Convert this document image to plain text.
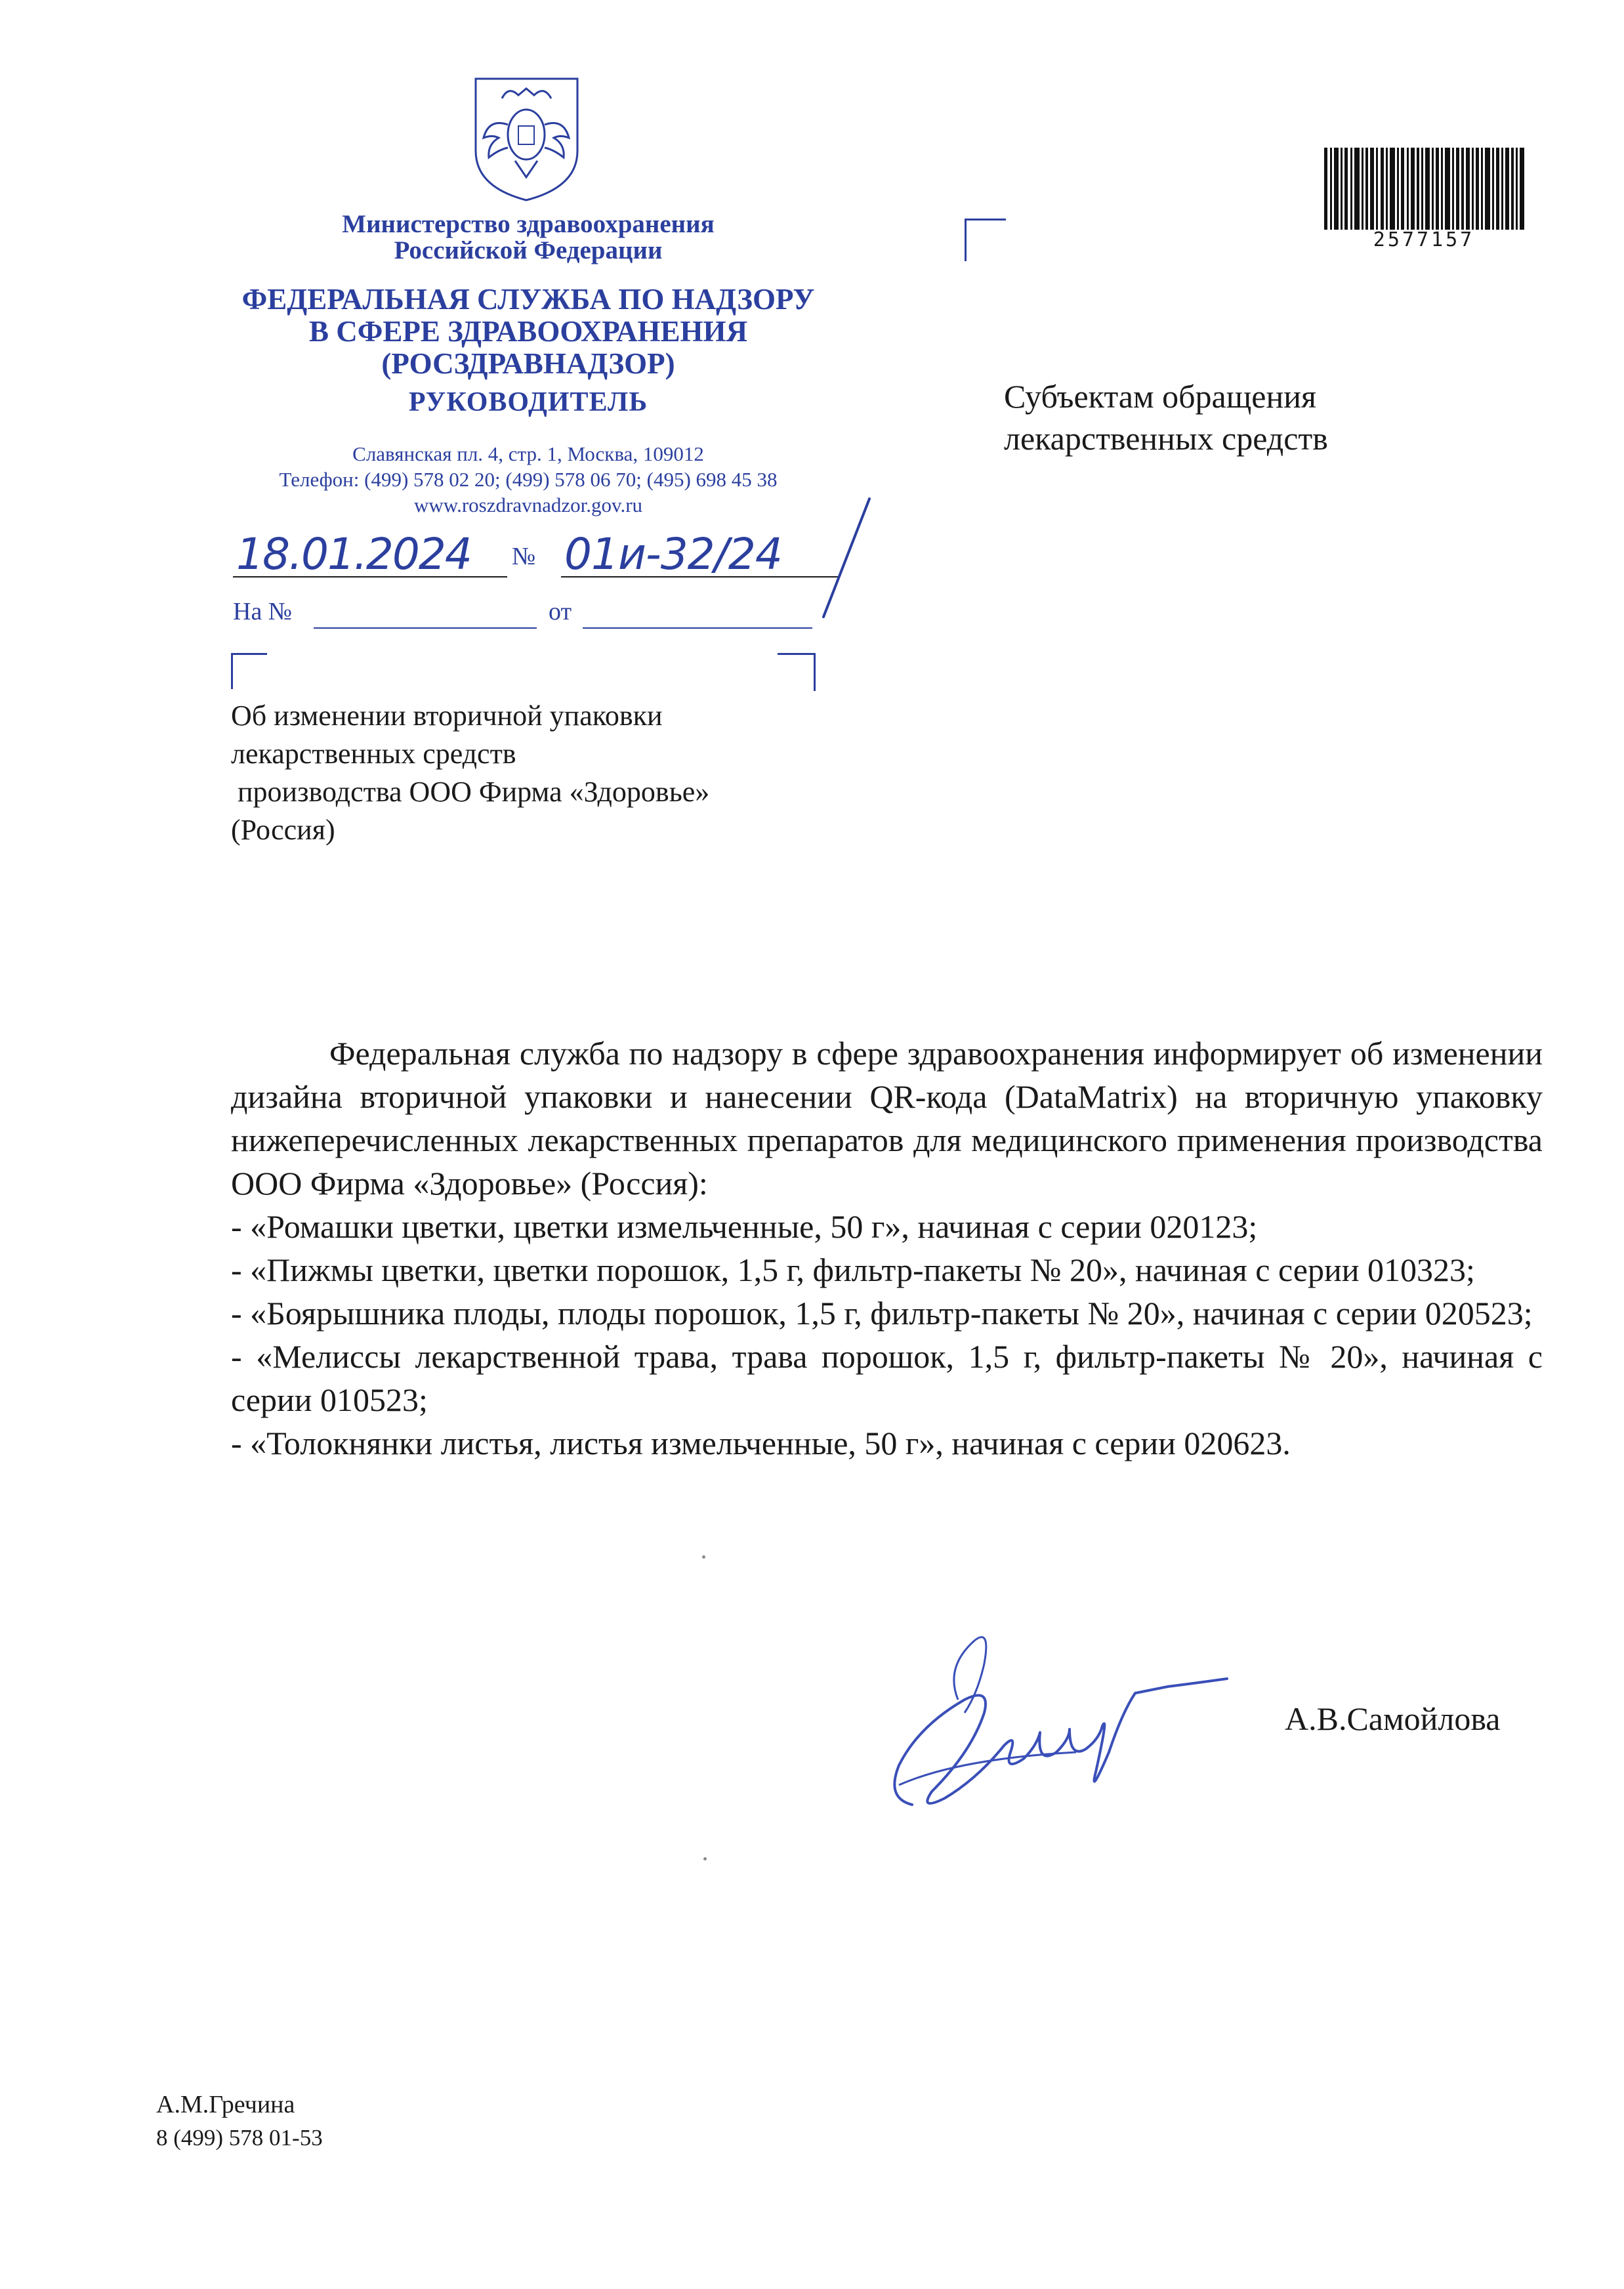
Министерство здравоохранения
Российской Федерации
ФЕДЕРАЛЬНАЯ СЛУЖБА ПО НАДЗОРУ
В СФЕРЕ ЗДРАВООХРАНЕНИЯ
(РОСЗДРАВНАДЗОР)
РУКОВОДИТЕЛЬ
Славянская пл. 4, стр. 1, Москва, 109012
Телефон: (499) 578 02 20; (499) 578 06 70; (495) 698 45 38
www.roszdravnadzor.gov.ru
18.01.2024	№ 01и-32/24
На №	от
Об изменении вторичной упаковки
лекарственных средств
производства ООО Фирма «Здоровье»
(Россия)
Субъектам обращения
лекарственных средств
2577157

Федеральная служба по надзору в сфере здравоохранения информирует об изменении дизайна вторичной упаковки и нанесении QR-кода (DataMatrix) на вторичную упаковку нижеперечисленных лекарственных препаратов для медицинского применения производства ООО Фирма «Здоровье» (Россия):

- «Ромашки цветки, цветки измельченные, 50 г», начиная с серии 020123;

- «Пижмы цветки, цветки порошок, 1,5 г, фильтр-пакеты № 20», начиная с серии 010323;

- «Боярышника плоды, плоды порошок, 1,5 г, фильтр-пакеты № 20», начиная с серии 020523;

- «Мелиссы лекарственной трава, трава порошок, 1,5 г, фильтр-пакеты № 20», начиная с серии 010523;

- «Толокнянки листья, листья измельченные, 50 г», начиная с серии 020623.

А.В.Самойлова
А.М.Гречина
8 (499) 578 01-53
